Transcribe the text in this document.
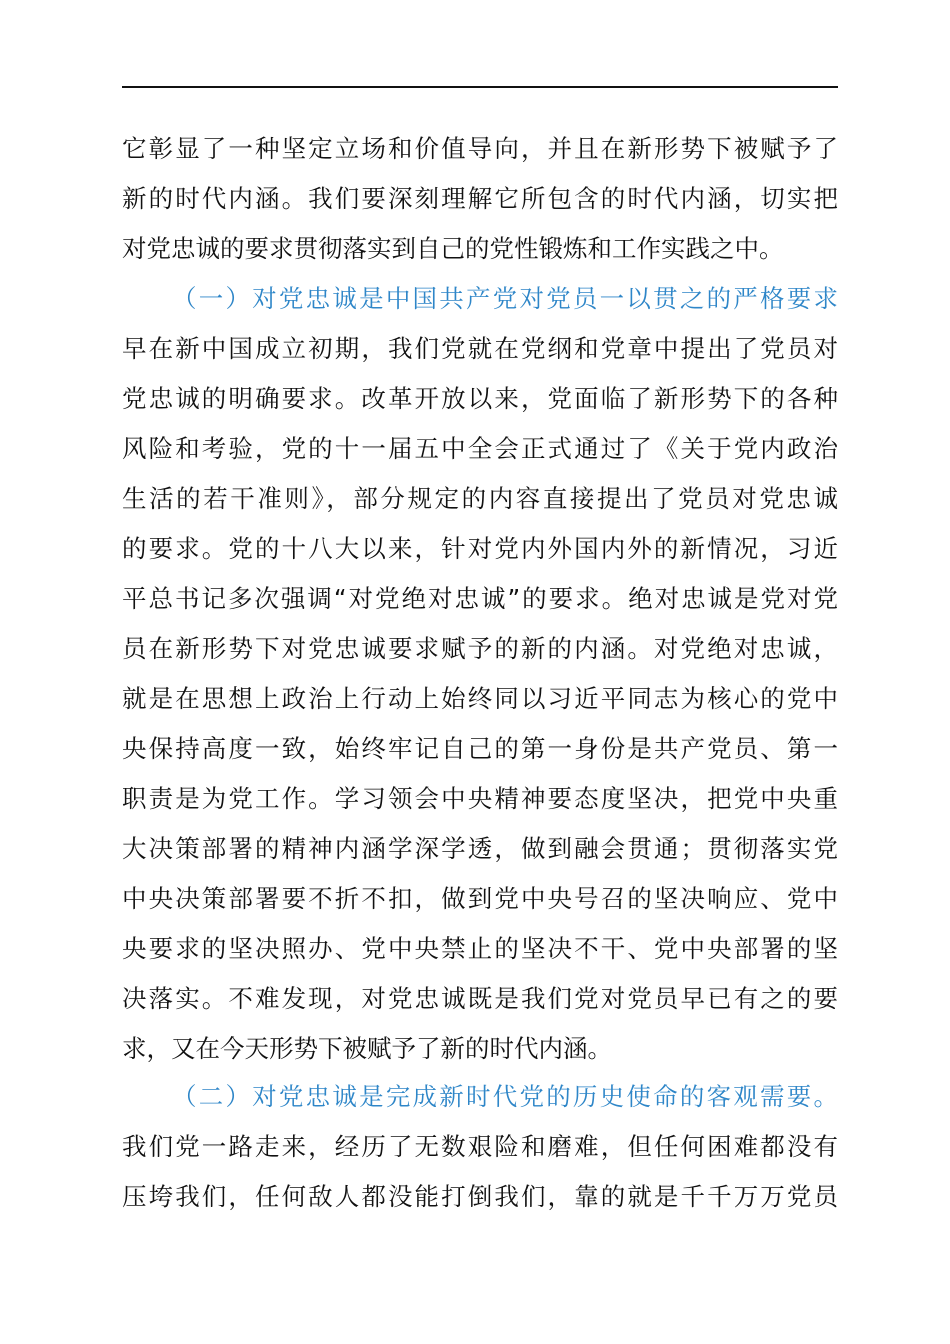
它彰显了一种坚定立场和价值导向，并且在新形势下被赋予了
新的时代内涵。我们要深刻理解它所包含的时代内涵，切实把
对党忠诚的要求贯彻落实到自己的党性锻炼和工作实践之中。
（一）对党忠诚是中国共产党对党员一以贯之的严格要求
早在新中国成立初期，我们党就在党纲和党章中提出了党员对
党忠诚的明确要求。改革开放以来，党面临了新形势下的各种
风险和考验，党的十一届五中全会正式通过了《关于党内政治
生活的若干准则》，部分规定的内容直接提出了党员对党忠诚
的要求。党的十八大以来，针对党内外国内外的新情况，习近
平总书记多次强调“对党绝对忠诚”的要求。绝对忠诚是党对党
员在新形势下对党忠诚要求赋予的新的内涵。对党绝对忠诚，
就是在思想上政治上行动上始终同以习近平同志为核心的党中
央保持高度一致，始终牢记自己的第一身份是共产党员、第一
职责是为党工作。学习领会中央精神要态度坚决，把党中央重
大决策部署的精神内涵学深学透，做到融会贯通；贯彻落实党
中央决策部署要不折不扣，做到党中央号召的坚决响应、党中
央要求的坚决照办、党中央禁止的坚决不干、党中央部署的坚
决落实。不难发现，对党忠诚既是我们党对党员早已有之的要
求，又在今天形势下被赋予了新的时代内涵。
（二）对党忠诚是完成新时代党的历史使命的客观需要。
我们党一路走来，经历了无数艰险和磨难，但任何困难都没有
压垮我们，任何敌人都没能打倒我们，靠的就是千千万万党员
